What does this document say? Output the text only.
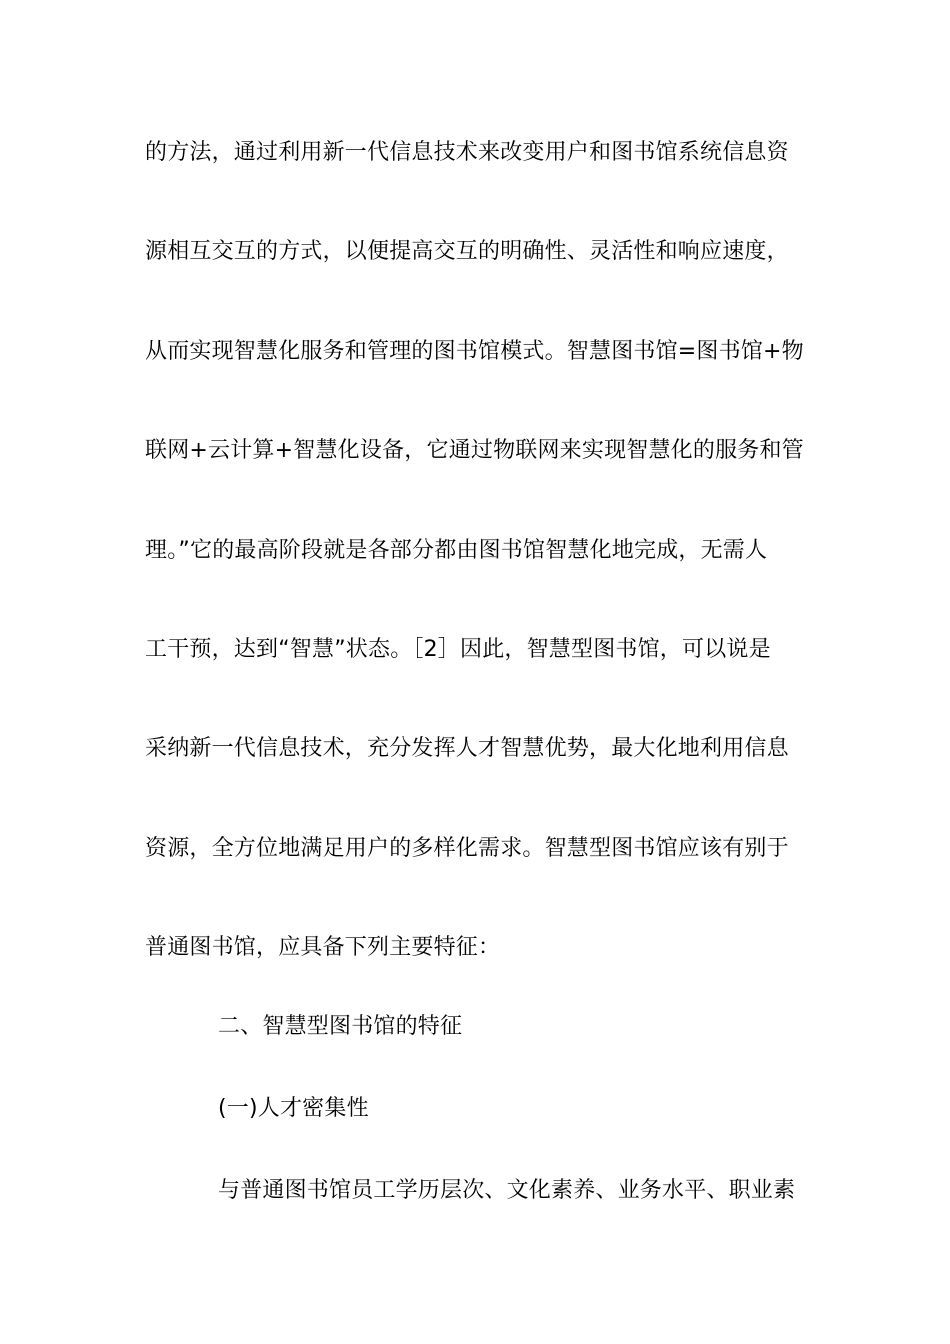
的方法，通过利用新一代信息技术来改变用户和图书馆系统信息资
源相互交互的方式，以便提高交互的明确性、灵活性和响应速度，
从而实现智慧化服务和管理的图书馆模式。智慧图书馆=图书馆+物
联网+云计算+智慧化设备，它通过物联网来实现智慧化的服务和管
理。”它的最高阶段就是各部分都由图书馆智慧化地完成，无需人
工干预，达到“智慧”状态。［2］因此，智慧型图书馆，可以说是
采纳新一代信息技术，充分发挥人才智慧优势，最大化地利用信息
资源，全方位地满足用户的多样化需求。智慧型图书馆应该有别于
普通图书馆，应具备下列主要特征：
二、智慧型图书馆的特征
(一)人才密集性
与普通图书馆员工学历层次、文化素养、业务水平、职业素
